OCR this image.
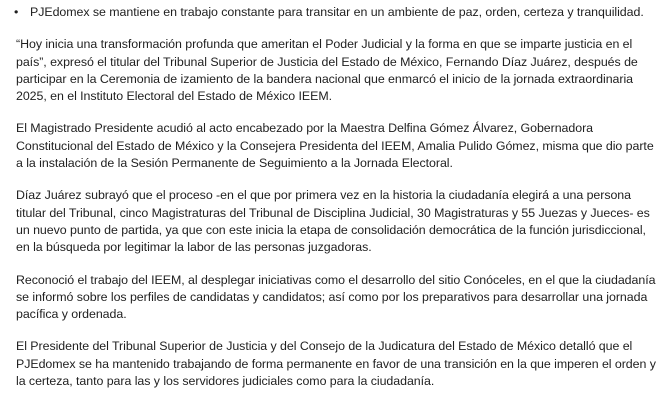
• PJEdomex se mantiene en trabajo constante para transitar en un ambiente de paz, orden, certeza y tranquilidad.

“Hoy inicia una transformación profunda que ameritan el Poder Judicial y la forma en que se imparte justicia en el país”, expresó el titular del Tribunal Superior de Justicia del Estado de México, Fernando Díaz Juárez, después de participar en la Ceremonia de izamiento de la bandera nacional que enmarcó el inicio de la jornada extraordinaria 2025, en el Instituto Electoral del Estado de México IEEM.

El Magistrado Presidente acudió al acto encabezado por la Maestra Delfina Gómez Álvarez, Gobernadora Constitucional del Estado de México y la Consejera Presidenta del IEEM, Amalia Pulido Gómez, misma que dio parte a la instalación de la Sesión Permanente de Seguimiento a la Jornada Electoral.

Díaz Juárez subrayó que el proceso -en el que por primera vez en la historia la ciudadanía elegirá a una persona titular del Tribunal, cinco Magistraturas del Tribunal de Disciplina Judicial, 30 Magistraturas y 55 Juezas y Jueces- es un nuevo punto de partida, ya que con este inicia la etapa de consolidación democrática de la función jurisdiccional, en la búsqueda por legitimar la labor de las personas juzgadoras.

Reconoció el trabajo del IEEM, al desplegar iniciativas como el desarrollo del sitio Conóceles, en el que la ciudadanía se informó sobre los perfiles de candidatas y candidatos; así como por los preparativos para desarrollar una jornada pacífica y ordenada.

El Presidente del Tribunal Superior de Justicia y del Consejo de la Judicatura del Estado de México detalló que el PJEdomex se ha mantenido trabajando de forma permanente en favor de una transición en la que imperen el orden y la certeza, tanto para las y los servidores judiciales como para la ciudadanía.
